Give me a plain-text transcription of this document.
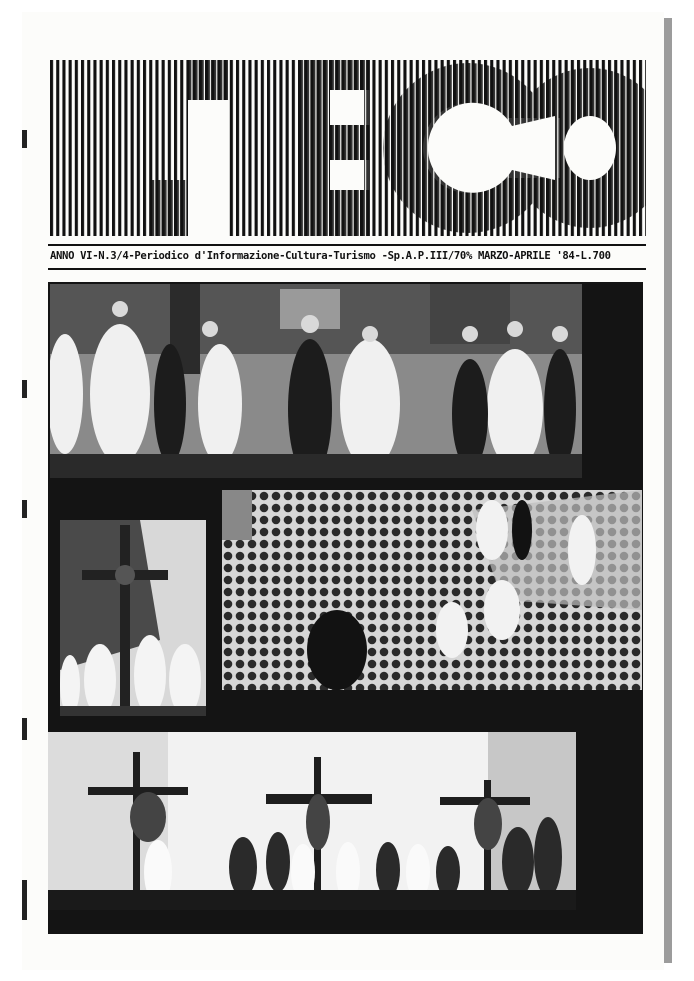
ANNO VI-N.3/4-Periodico d'Informazione-Cultura-Turismo -Sp.A.P.III/70% MARZO-APRILE '84-L.700
